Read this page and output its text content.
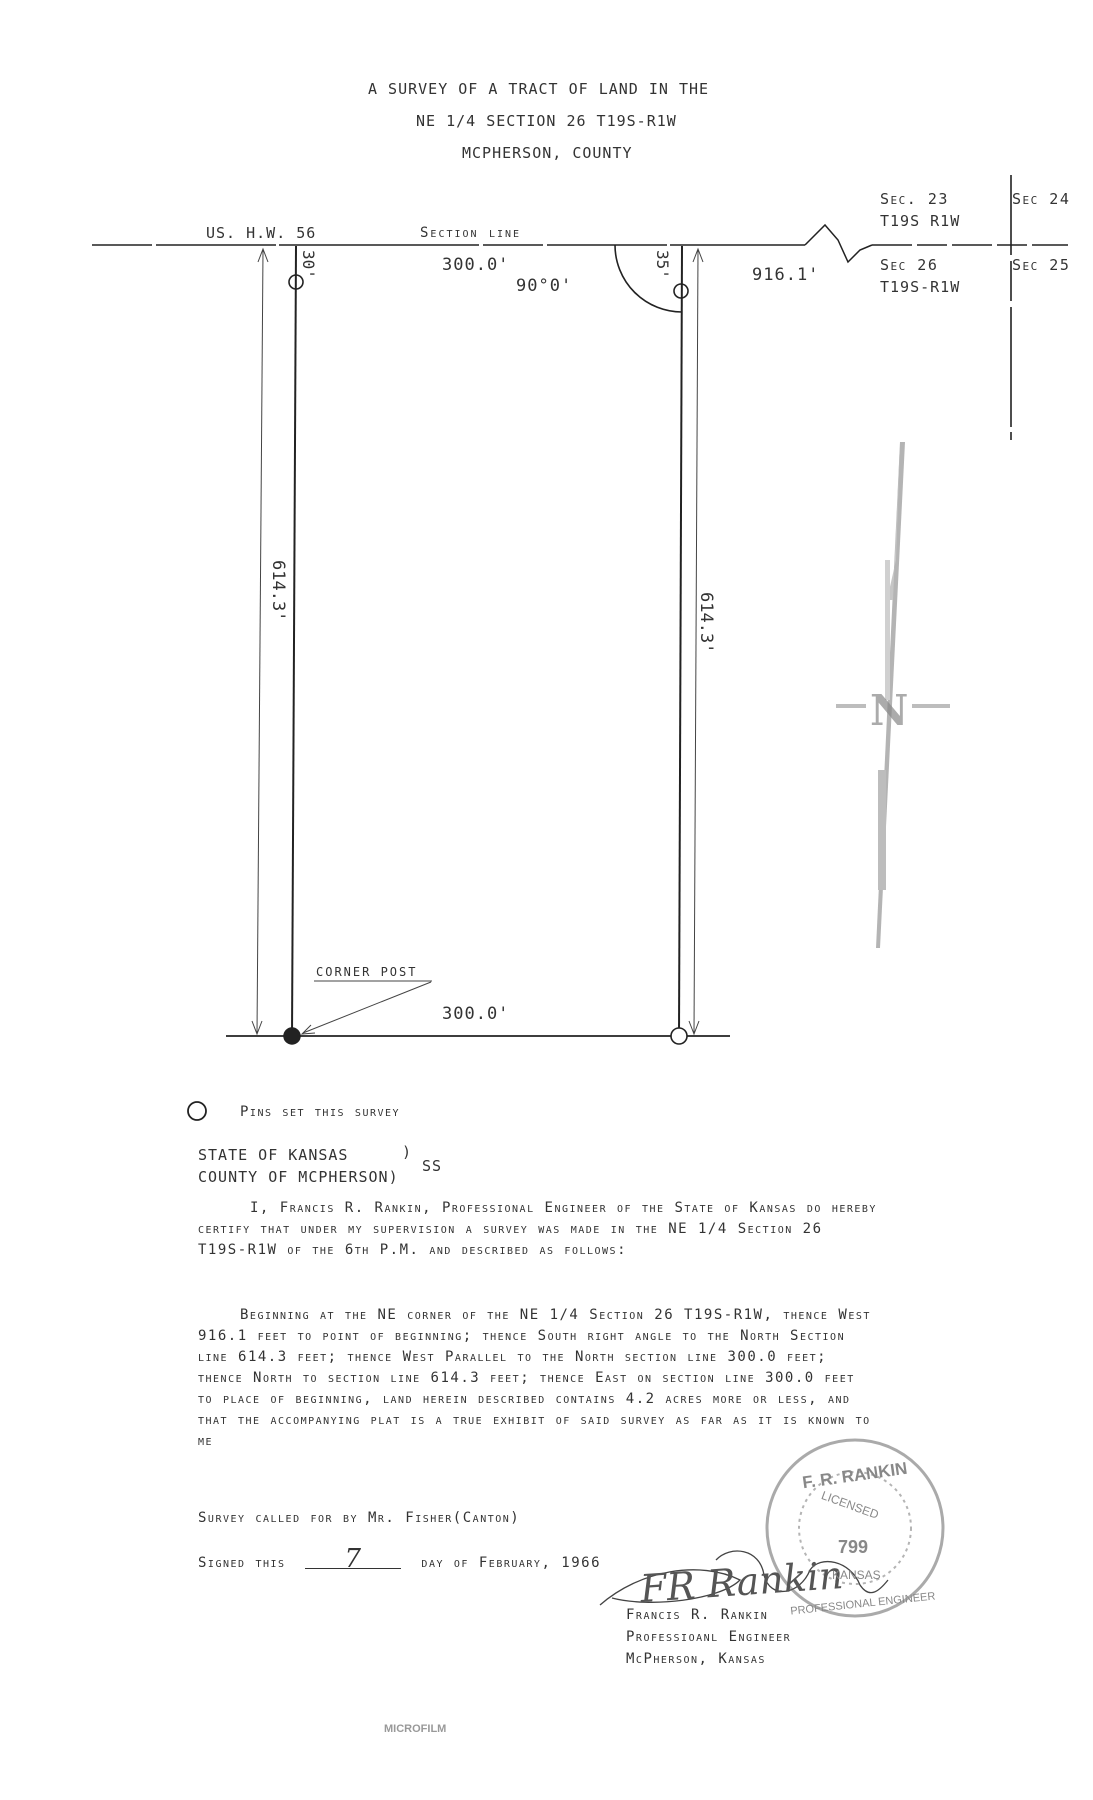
A SURVEY OF A TRACT OF LAND IN THE
NE 1/4 SECTION 26 T19S-R1W
MCPHERSON, COUNTY
N
US. H.W. 56	Section line
300.0'
90°0'
916.1'
30'	35'
614.3'
614.3'
300.0'
CORNER POST
Sec. 23
T19S R1W
Sec 24
Sec 26
T19S-R1W
Sec 25
Pins set this survey
STATE OF KANSAS	)
COUNTY OF MCPHERSON)
SS
I, Francis R. Rankin, Professional Engineer of the State of Kansas do hereby certify that under my supervision a survey was made in the NE 1/4 Section 26 T19S-R1W of the 6th P.M. and described as follows:
Beginning at the NE corner of the NE 1/4 Section 26 T19S-R1W, thence West 916.1 feet to point of beginning; thence South right angle to the North Section line 614.3 feet; thence West Parallel to the North section line 300.0 feet; thence North to section line 614.3 feet; thence East on section line 300.0 feet to place of beginning, land herein described contains 4.2 acres more or less, and that the accompanying plat is a true exhibit of said survey as far as it is known to me
Survey called for by Mr. Fisher(Canton)
Signed this 7	day of February, 1966 FR Rankin
Francis R. Rankin
Professioanl Engineer
McPherson, Kansas
F. R. RANKIN
LICENSED
799
KANSAS
PROFESSIONAL ENGINEER
MICROFILM
